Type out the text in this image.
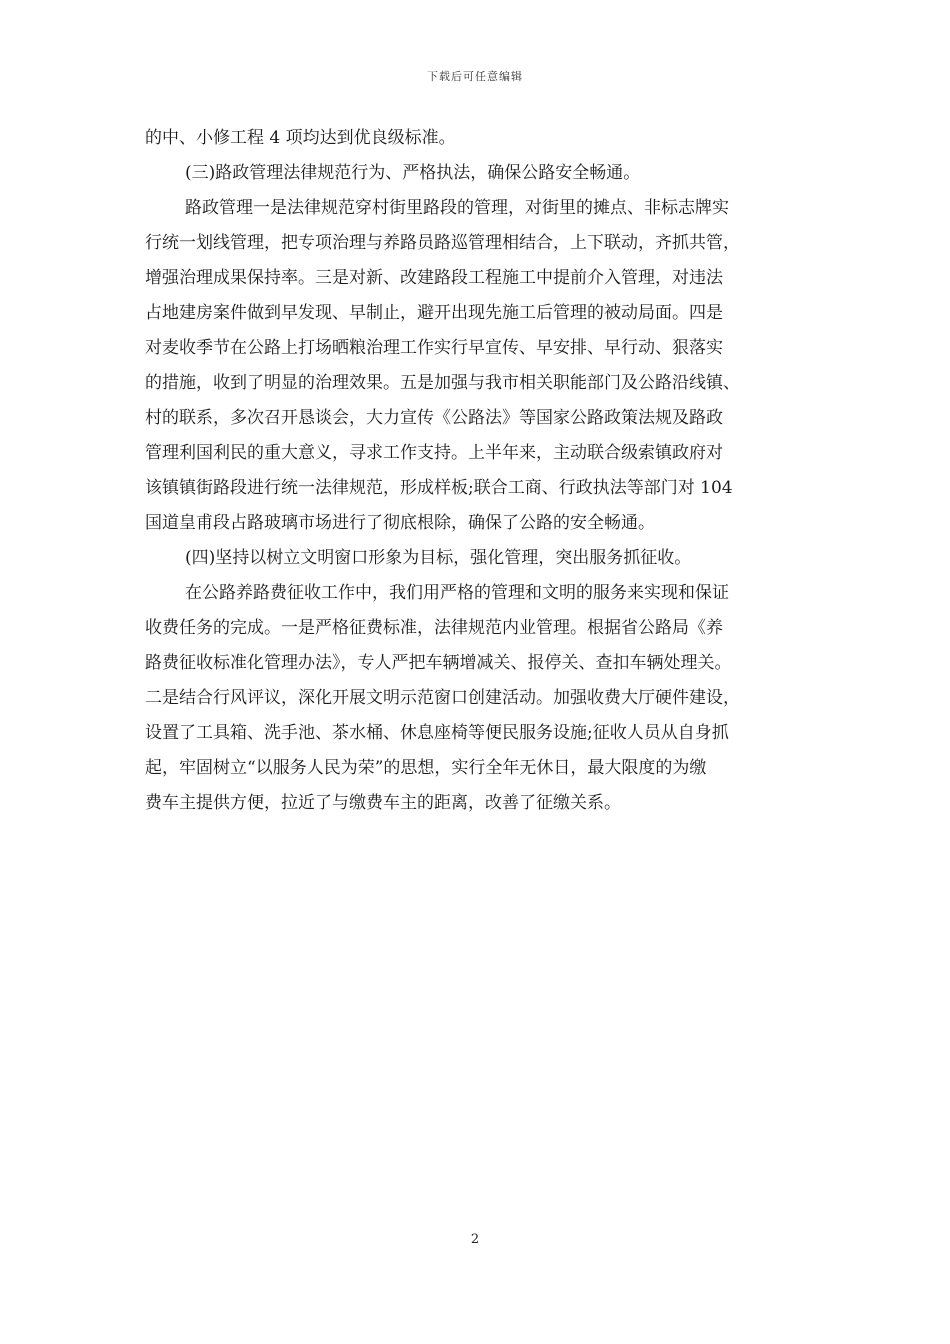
下载后可任意编辑
的中、小修工程 4 项均达到优良级标准。
(三)路政管理法律规范行为、严格执法，确保公路安全畅通。
路政管理一是法律规范穿村街里路段的管理，对街里的摊点、非标志牌实
行统一划线管理，把专项治理与养路员路巡管理相结合，上下联动，齐抓共管，
增强治理成果保持率。三是对新、改建路段工程施工中提前介入管理，对违法
占地建房案件做到早发现、早制止，避开出现先施工后管理的被动局面。四是
对麦收季节在公路上打场晒粮治理工作实行早宣传、早安排、早行动、狠落实
的措施，收到了明显的治理效果。五是加强与我市相关职能部门及公路沿线镇、
村的联系，多次召开恳谈会，大力宣传《公路法》等国家公路政策法规及路政
管理利国利民的重大意义，寻求工作支持。上半年来，主动联合级索镇政府对
该镇镇街路段进行统一法律规范，形成样板;联合工商、行政执法等部门对 104
国道皇甫段占路玻璃市场进行了彻底根除，确保了公路的安全畅通。
(四)坚持以树立文明窗口形象为目标，强化管理，突出服务抓征收。
在公路养路费征收工作中，我们用严格的管理和文明的服务来实现和保证
收费任务的完成。一是严格征费标准，法律规范内业管理。根据省公路局《养
路费征收标准化管理办法》，专人严把车辆增减关、报停关、查扣车辆处理关。
二是结合行风评议，深化开展文明示范窗口创建活动。加强收费大厅硬件建设，
设置了工具箱、洗手池、茶水桶、休息座椅等便民服务设施;征收人员从自身抓
起，牢固树立“以服务人民为荣”的思想，实行全年无休日，最大限度的为缴
费车主提供方便，拉近了与缴费车主的距离，改善了征缴关系。
2
